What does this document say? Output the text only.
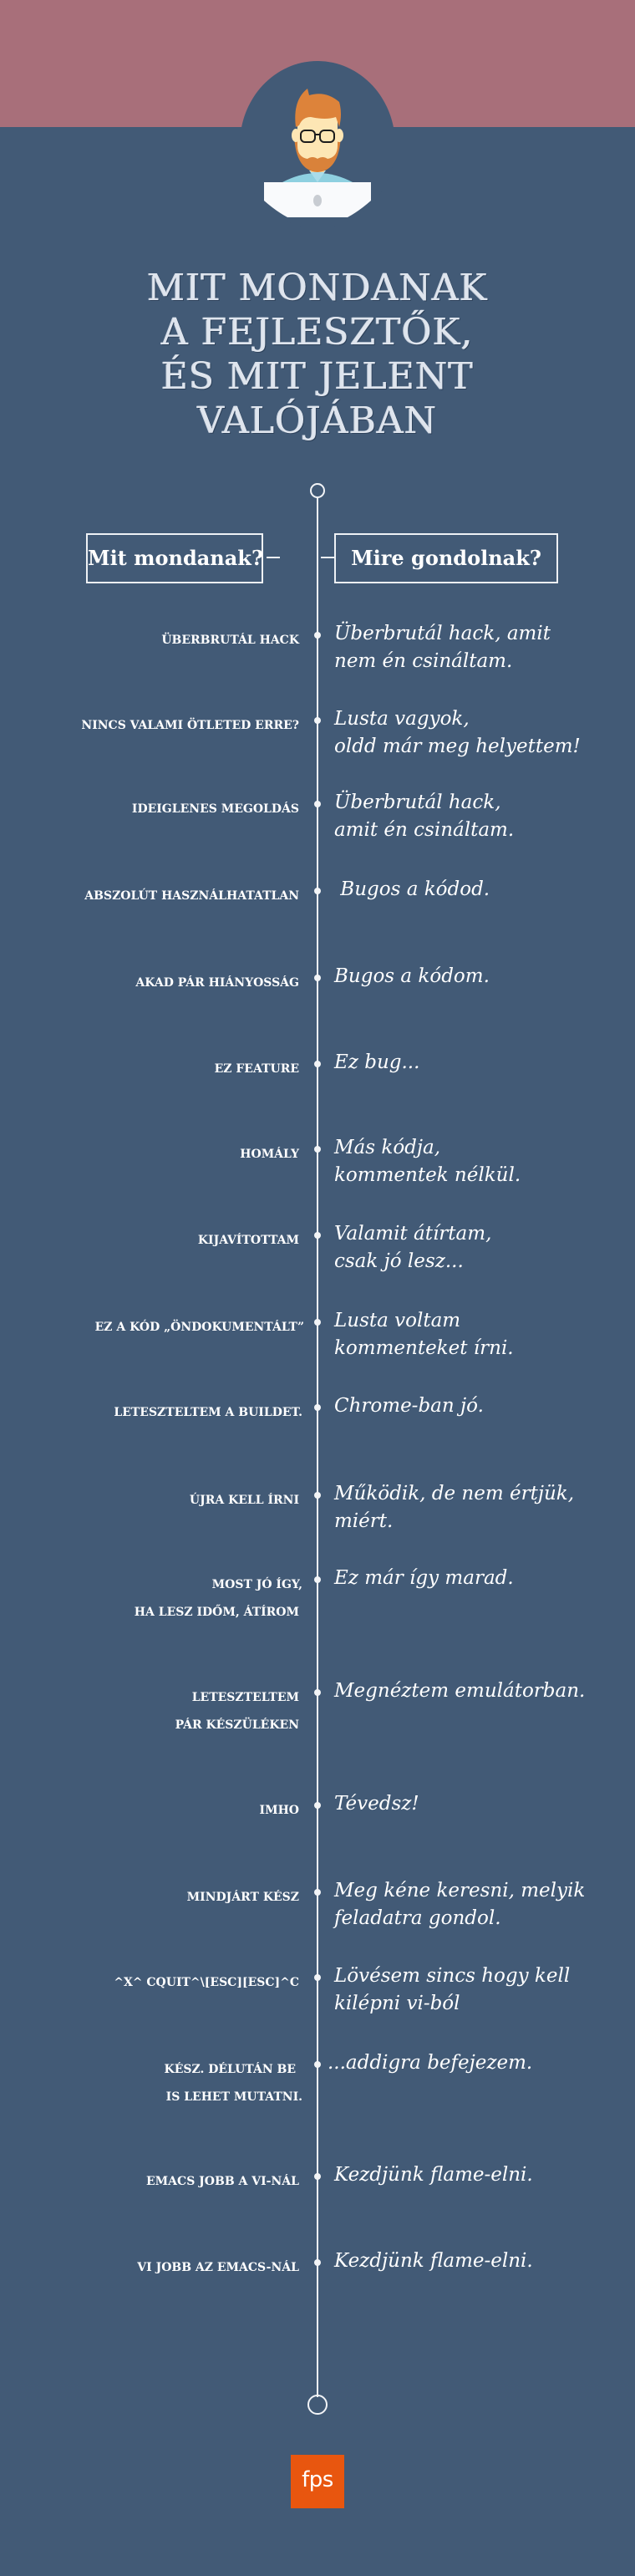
MIT MONDANAK
A FEJLESZTŐK,
ÉS MIT JELENT
VALÓJÁBAN
Mit mondanak?	Mire gondolnak?
ÜBERBRUTÁL HACK Überbrutál hack, amit
nem én csináltam.
NINCS VALAMI ÖTLETED ERRE? Lusta vagyok,
oldd már meg helyettem!
IDEIGLENES MEGOLDÁS Überbrutál hack,
amit én csináltam.
ABSZOLÚT HASZNÁLHATATLAN Bugos a kódod.
AKAD PÁR HIÁNYOSSÁG Bugos a kódom.
EZ FEATURE Ez bug...
HOMÁLY Más kódja,
kommentek nélkül.
KIJAVÍTOTTAM Valamit átírtam,
csak jó lesz...
EZ A KÓD „ÖNDOKUMENTÁLT” Lusta voltam
kommenteket írni.
LETESZTELTEM A BUILDET. Chrome-ban jó.
ÚJRA KELL ÍRNI Működik, de nem értjük,
miért.
MOST JÓ ÍGY,
HA LESZ IDŐM, ÁTÍROM
Ez már így marad.
LETESZTELTEM
PÁR KÉSZÜLÉKEN
Megnéztem emulátorban.
IMHO Tévedsz!
MINDJÁRT KÉSZ Meg kéne keresni, melyik
feladatra gondol.
^X^ CQUIT^\[ESC][ESC]^C Lövésem sincs hogy kell
kilépni vi-ból
KÉSZ. DÉLUTÁN BE
IS LEHET MUTATNI.
...addigra befejezem.
EMACS JOBB A VI-NÁL Kezdjünk flame-elni.
VI JOBB AZ EMACS-NÁL Kezdjünk flame-elni.
fps
